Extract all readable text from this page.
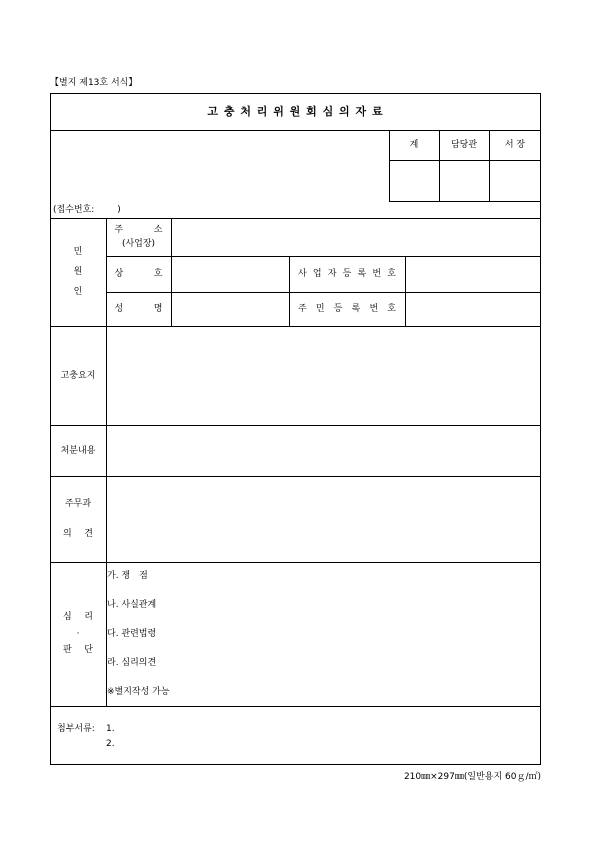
【별지 제13호 서식】
고 충 처 리 위 원 회 심 의 자 료
계	담당관	서 장
(접수번호:        )
민
원
인
주 소
(사업장)
상 호	사 업 자 등 록 번 호
성 명	주 민 등 록 번 호
고충요지
처분내용
주무과
의 견
심 리
·
판 단
가. 쟁　점
나. 사실관계
다. 관련법령
라. 심리의견
※별지작성 가능
첨부서류: 1.
2.
210㎜×297㎜(일반용지 60ｇ/㎡)
